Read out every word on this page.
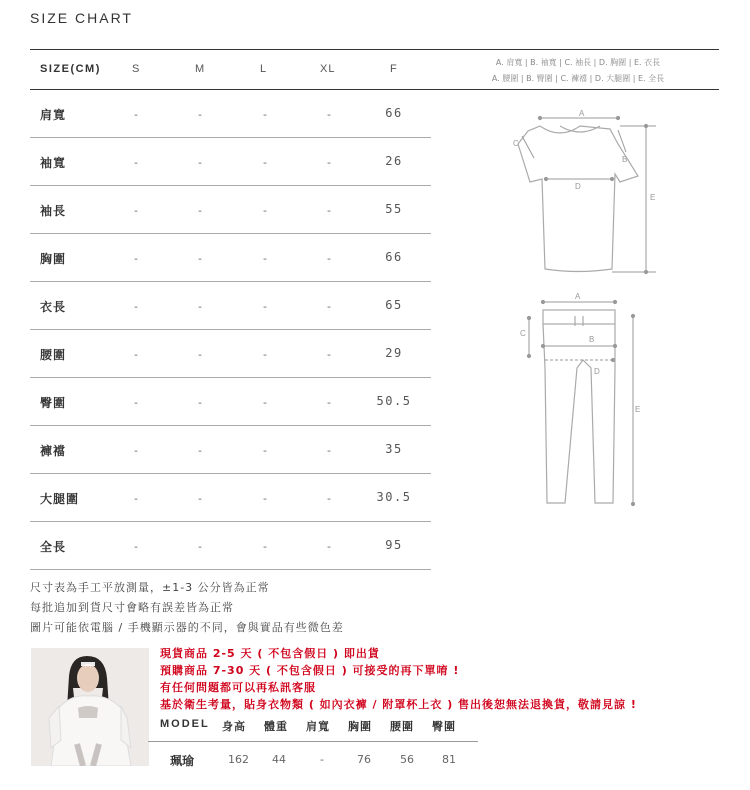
SIZE CHART
SIZE(CM)	S	M	L	XL	F
A. 肩寬 | B. 袖寬 | C. 袖長 | D. 胸圍 | E. 衣長
A. 腰圍 | B. 臀圍 | C. 褲襠 | D. 大腿圍 | E. 全長
肩寬	-	-	-	-	66
袖寬	-	-	-	-	26
袖長	-	-	-	-	55
胸圍	-	-	-	-	66
衣長	-	-	-	-	65
腰圍	-	-	-	-	29
臀圍	-	-	-	-	50.5
褲襠	-	-	-	-	35
大腿圍	-	-	-	-	30.5
全長	-	-	-	-	95
A
B
C
D
E
A
B
C
D
E
尺寸表為手工平放測量，±1-3 公分皆為正常
每批追加到貨尺寸會略有誤差皆為正常
圖片可能依電腦 / 手機顯示器的不同，會與實品有些微色差
現貨商品 2-5 天 ( 不包含假日 ) 即出貨
預購商品 7-30 天 ( 不包含假日 ) 可接受的再下單唷 !
有任何問題都可以再私訊客服
基於衛生考量，貼身衣物類 ( 如內衣褲 / 附罩杯上衣 ) 售出後恕無法退換貨，敬請見諒 !
MODEL 身高 體重 肩寬 胸圍 腰圍 臀圍
珮瑜	162 44	-	76	56	81
